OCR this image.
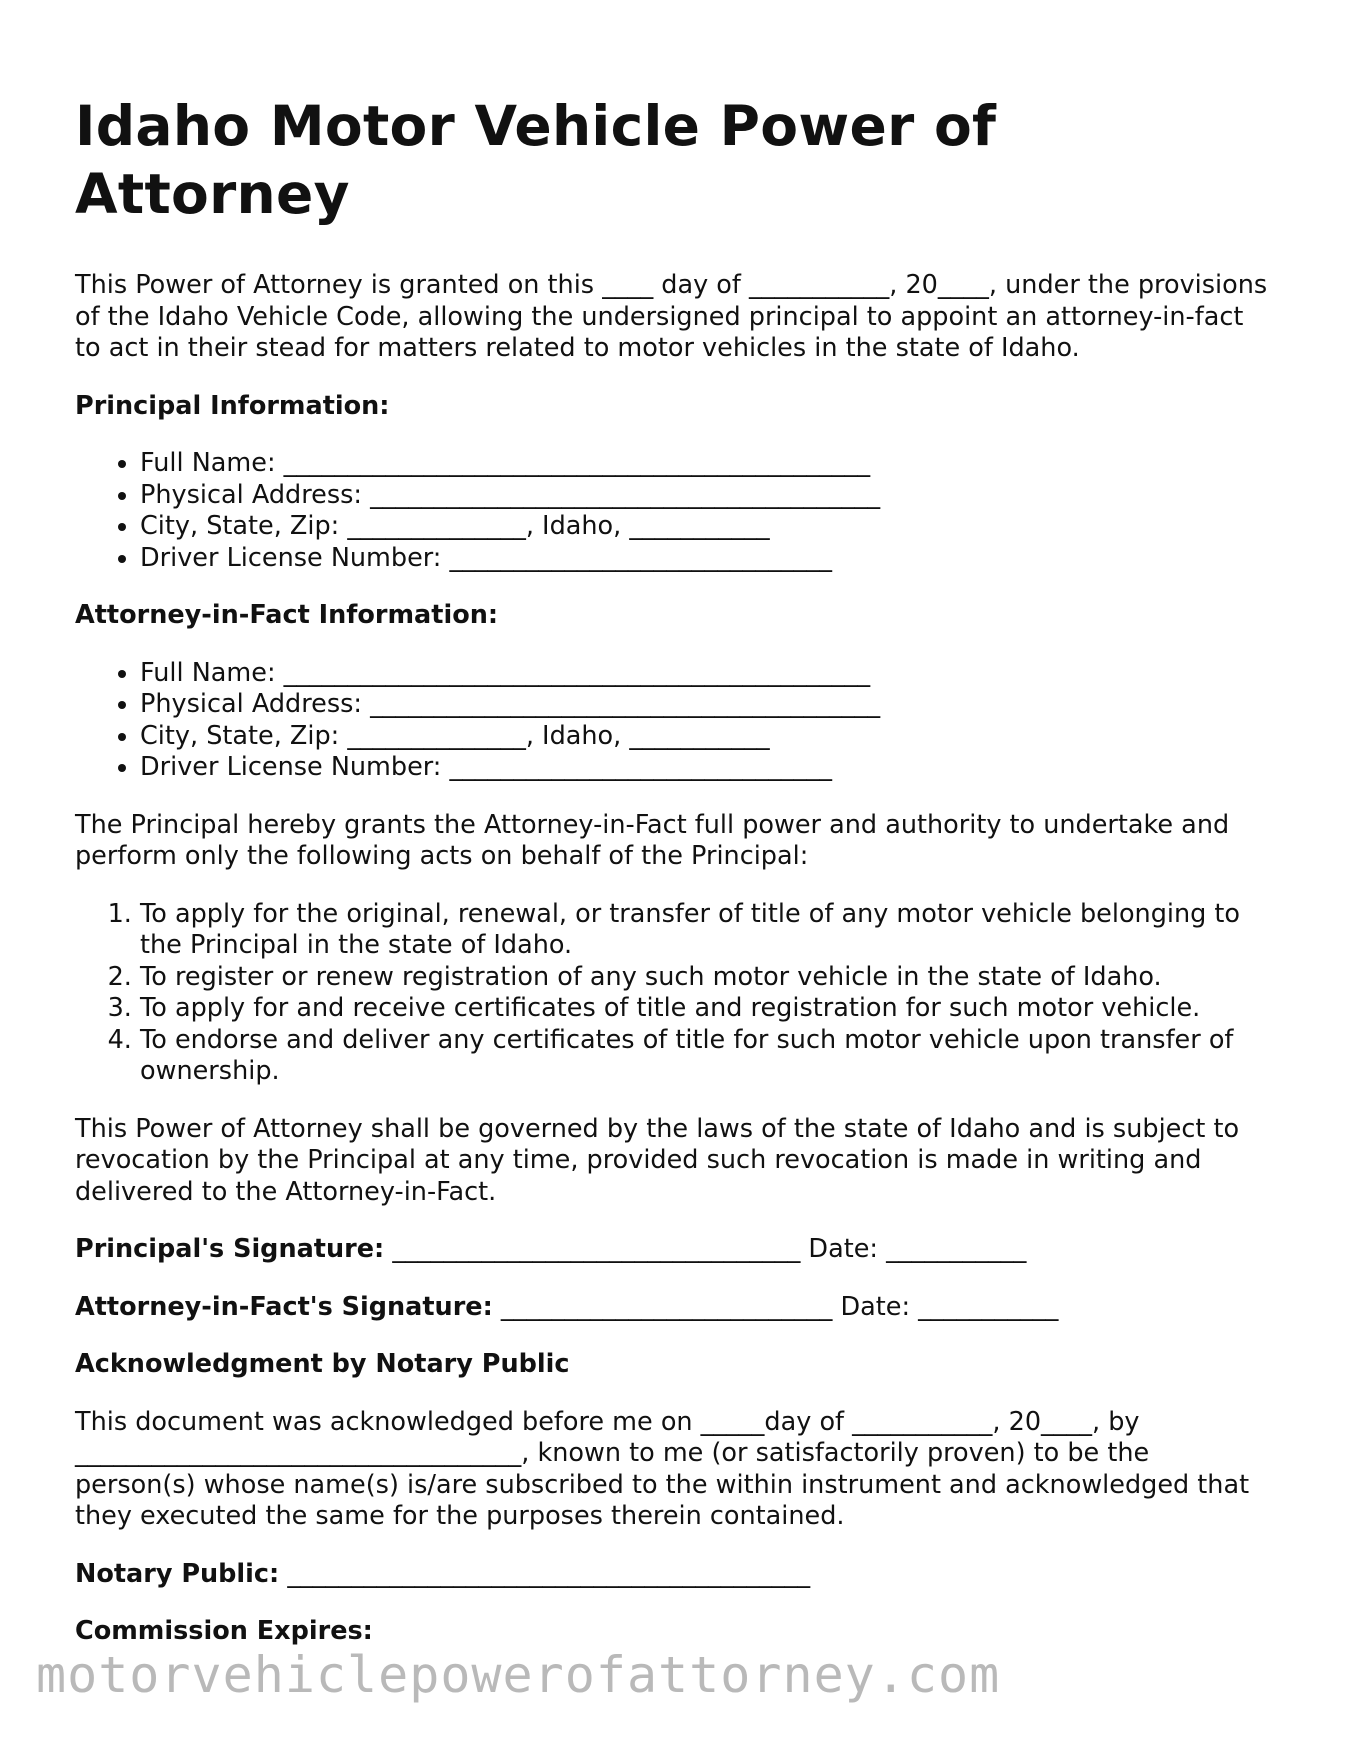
Idaho Motor Vehicle Power of Attorney

This Power of Attorney is granted on this ____ day of ___________, 20____, under the provisions of the Idaho Vehicle Code, allowing the undersigned principal to appoint an attorney-in-fact to act in their stead for matters related to motor vehicles in the state of Idaho.

Principal Information:
• Full Name: ______________________________________________
• Physical Address: ________________________________________
• City, State, Zip: ______________, Idaho, ___________
• Driver License Number: ______________________________
Attorney-in-Fact Information:
• Full Name: ______________________________________________
• Physical Address: ________________________________________
• City, State, Zip: ______________, Idaho, ___________
• Driver License Number: ______________________________

The Principal hereby grants the Attorney-in-Fact full power and authority to undertake and perform only the following acts on behalf of the Principal:

1. To apply for the original, renewal, or transfer of title of any motor vehicle belonging to the Principal in the state of Idaho.
2. To register or renew registration of any such motor vehicle in the state of Idaho.
3. To apply for and receive certificates of title and registration for such motor vehicle.
4. To endorse and deliver any certificates of title for such motor vehicle upon transfer of ownership.

This Power of Attorney shall be governed by the laws of the state of Idaho and is subject to revocation by the Principal at any time, provided such revocation is made in writing and delivered to the Attorney-in-Fact.

Principal's Signature: ________________________________ Date: ___________
Attorney-in-Fact's Signature: __________________________ Date: ___________
Acknowledgment by Notary Public

This document was acknowledged before me on _____day of ___________, 20____, by ___________________________________, known to me (or satisfactorily proven) to be the person(s) whose name(s) is/are subscribed to the within instrument and acknowledged that they executed the same for the purposes therein contained.

Notary Public: _________________________________________
Commission Expires:
motorvehiclepowerofattorney.com
